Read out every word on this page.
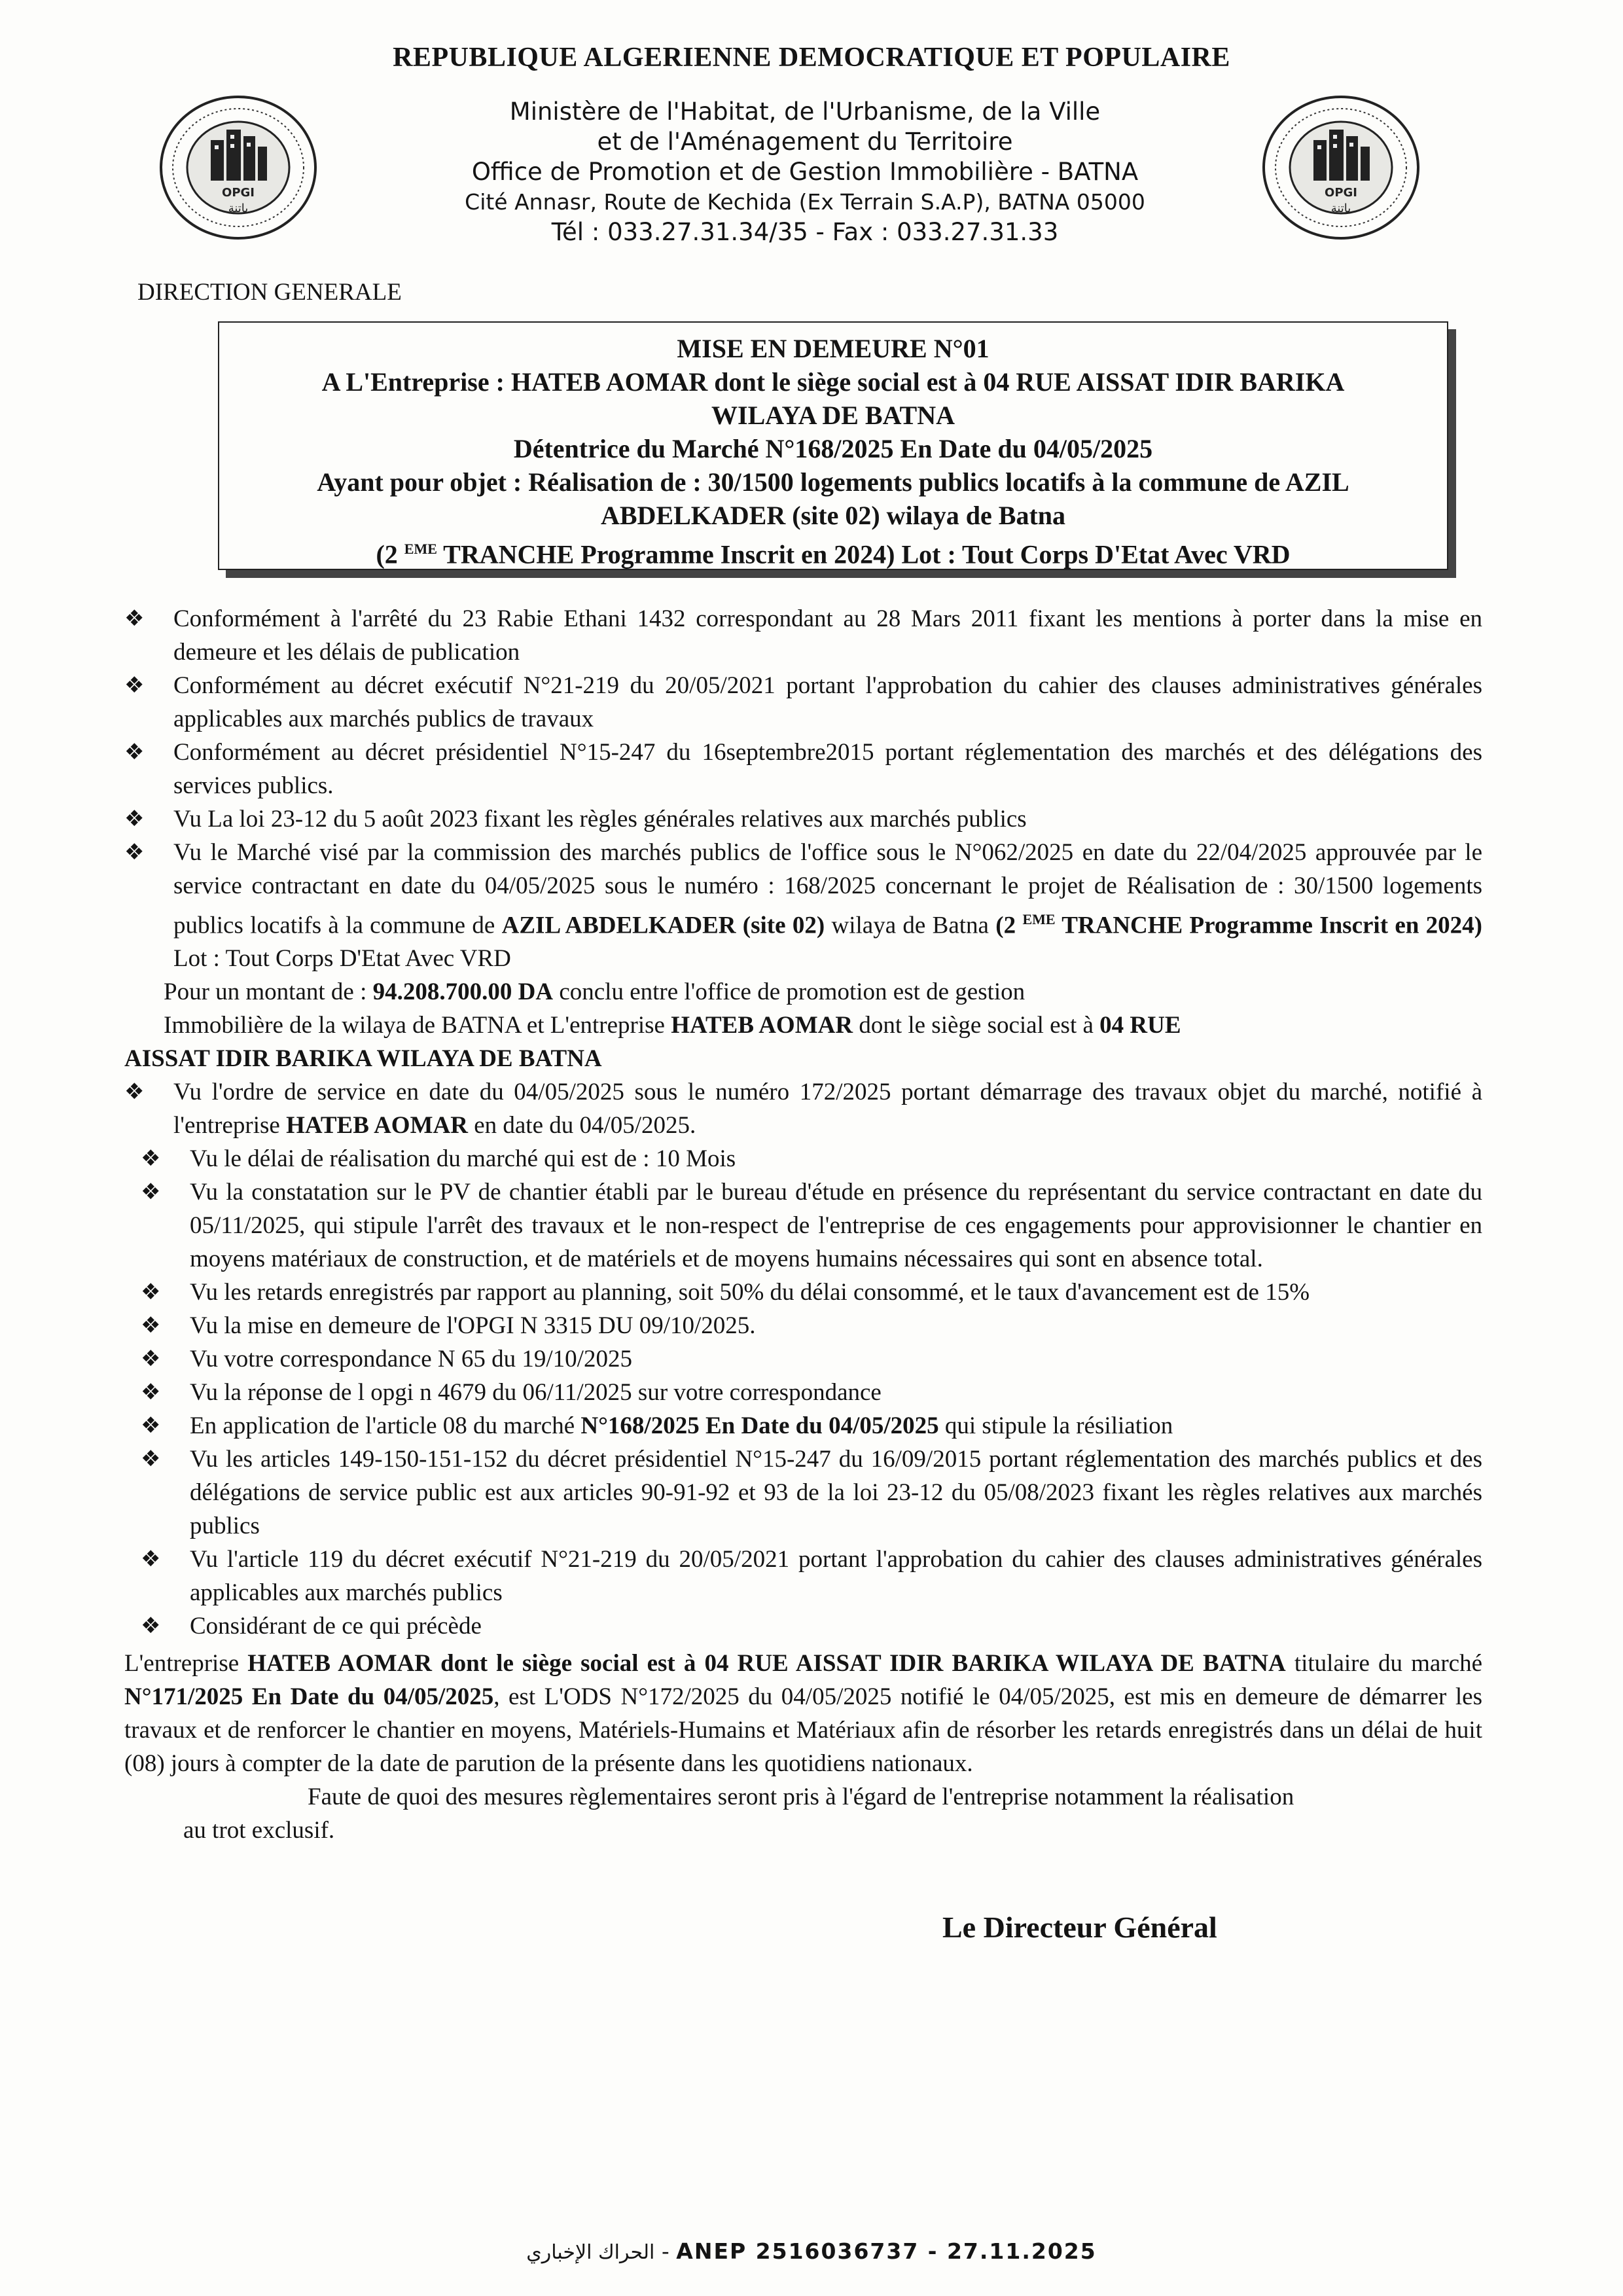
REPUBLIQUE ALGERIENNE DEMOCRATIQUE ET POPULAIRE
OPGI
باتنة
OPGI
باتنة
Ministère de l'Habitat, de l'Urbanisme, de la Ville
et de l'Aménagement du Territoire
Office de Promotion et de Gestion Immobilière - BATNA
Cité Annasr, Route de Kechida (Ex Terrain S.A.P), BATNA 05000
Tél : 033.27.31.34/35 - Fax : 033.27.31.33
DIRECTION GENERALE
MISE EN DEMEURE N°01
A L'Entreprise : HATEB AOMAR dont le siège social est à 04 RUE AISSAT IDIR BARIKA
WILAYA DE BATNA
Détentrice du Marché N°168/2025 En Date du 04/05/2025
Ayant pour objet : Réalisation de : 30/1500 logements publics locatifs à la commune de AZIL
ABDELKADER (site 02) wilaya de Batna
(2 $^{EME}$ TRANCHE Programme Inscrit en 2024) Lot : Tout Corps D'Etat Avec VRD
❖ Conformément à l'arrêté du 23 Rabie Ethani 1432 correspondant au 28 Mars 2011 fixant les mentions à porter dans la mise en demeure et les délais de publication
❖ Conformément au décret exécutif N°21-219 du 20/05/2021 portant l'approbation du cahier des clauses administratives générales applicables aux marchés publics de travaux
❖ Conformément au décret présidentiel N°15-247 du 16septembre2015 portant réglementation des marchés et des délégations des services publics.
❖ Vu La loi 23-12 du 5 août 2023 fixant les règles générales relatives aux marchés publics
❖ Vu le Marché visé par la commission des marchés publics de l'office sous le N°062/2025 en date du 22/04/2025 approuvée par le service contractant en date du 04/05/2025 sous le numéro : 168/2025 concernant le projet de Réalisation de : 30/1500 logements publics locatifs à la commune de AZIL ABDELKADER (site 02) wilaya de Batna (2 $^{EME}$ TRANCHE Programme Inscrit en 2024) Lot : Tout Corps D'Etat Avec VRD
Pour un montant de : 94.208.700.00 DA conclu entre l'office de promotion est de gestion
Immobilière de la wilaya de BATNA et L'entreprise HATEB AOMAR dont le siège social est à 04 RUE
AISSAT IDIR BARIKA WILAYA DE BATNA
❖ Vu l'ordre de service en date du 04/05/2025 sous le numéro 172/2025 portant démarrage des travaux objet du marché, notifié à l'entreprise HATEB AOMAR en date du 04/05/2025.
❖ Vu le délai de réalisation du marché qui est de : 10 Mois
❖ Vu la constatation sur le PV de chantier établi par le bureau d'étude en présence du représentant du service contractant en date du 05/11/2025, qui stipule l'arrêt des travaux et le non-respect de l'entreprise de ces engagements pour approvisionner le chantier en moyens matériaux de construction, et de matériels et de moyens humains nécessaires qui sont en absence total.
❖ Vu les retards enregistrés par rapport au planning, soit 50% du délai consommé, et le taux d'avancement est de 15%
❖ Vu la mise en demeure de l'OPGI N 3315 DU 09/10/2025.
❖ Vu votre correspondance N 65 du 19/10/2025
❖ Vu la réponse de l opgi n 4679 du 06/11/2025 sur votre correspondance
❖ En application de l'article 08 du marché N°168/2025 En Date du 04/05/2025 qui stipule la résiliation
❖ Vu les articles 149-150-151-152 du décret présidentiel N°15-247 du 16/09/2015 portant réglementation des marchés publics et des délégations de service public est aux articles 90-91-92 et 93 de la loi 23-12 du 05/08/2023 fixant les règles relatives aux marchés publics
❖ Vu l'article 119 du décret exécutif N°21-219 du 20/05/2021 portant l'approbation du cahier des clauses administratives générales applicables aux marchés publics
❖ Considérant de ce qui précède
L'entreprise HATEB AOMAR dont le siège social est à 04 RUE AISSAT IDIR BARIKA WILAYA DE BATNA titulaire du marché N°171/2025 En Date du 04/05/2025, est L'ODS N°172/2025 du 04/05/2025 notifié le 04/05/2025, est mis en demeure de démarrer les travaux et de renforcer le chantier en moyens, Matériels-Humains et Matériaux afin de résorber les retards enregistrés dans un délai de huit (08) jours à compter de la date de parution de la présente dans les quotidiens nationaux.
Faute de quoi des mesures règlementaires seront pris à l'égard de l'entreprise notamment la réalisation
au trot exclusif.
Le Directeur Général
الحراك الإخباري - ANEP 2516036737 - 27.11.2025
